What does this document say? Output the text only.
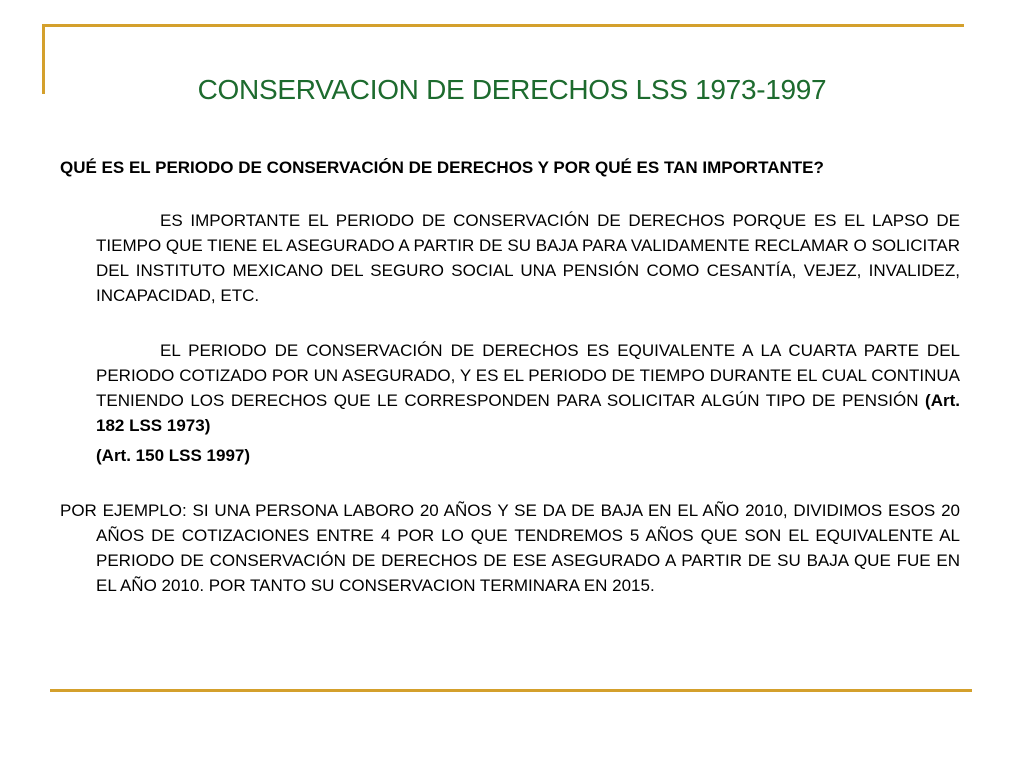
CONSERVACION DE DERECHOS LSS 1973-1997

QUÉ ES EL PERIODO DE CONSERVACIÓN DE DERECHOS Y POR QUÉ ES TAN IMPORTANTE?

ES IMPORTANTE EL PERIODO DE CONSERVACIÓN DE DERECHOS PORQUE ES EL LAPSO DE TIEMPO QUE TIENE EL ASEGURADO A PARTIR DE SU BAJA PARA VALIDAMENTE RECLAMAR O SOLICITAR DEL INSTITUTO MEXICANO DEL SEGURO SOCIAL UNA PENSIÓN COMO CESANTÍA, VEJEZ, INVALIDEZ, INCAPACIDAD, ETC.

EL PERIODO DE CONSERVACIÓN DE DERECHOS ES EQUIVALENTE A LA CUARTA PARTE DEL PERIODO COTIZADO POR UN ASEGURADO, Y ES EL PERIODO DE TIEMPO DURANTE EL CUAL CONTINUA TENIENDO LOS DERECHOS QUE LE CORRESPONDEN PARA SOLICITAR ALGÚN TIPO DE PENSIÓN (Art. 182 LSS 1973)

(Art. 150 LSS 1997)

POR EJEMPLO: SI UNA PERSONA LABORO 20 AÑOS Y SE DA DE BAJA EN EL AÑO 2010, DIVIDIMOS ESOS 20 AÑOS DE COTIZACIONES ENTRE 4 POR LO QUE TENDREMOS 5 AÑOS QUE SON EL EQUIVALENTE AL PERIODO DE CONSERVACIÓN DE DERECHOS DE ESE ASEGURADO A PARTIR DE SU BAJA QUE FUE EN EL AÑO 2010. POR TANTO SU CONSERVACION TERMINARA EN 2015.
